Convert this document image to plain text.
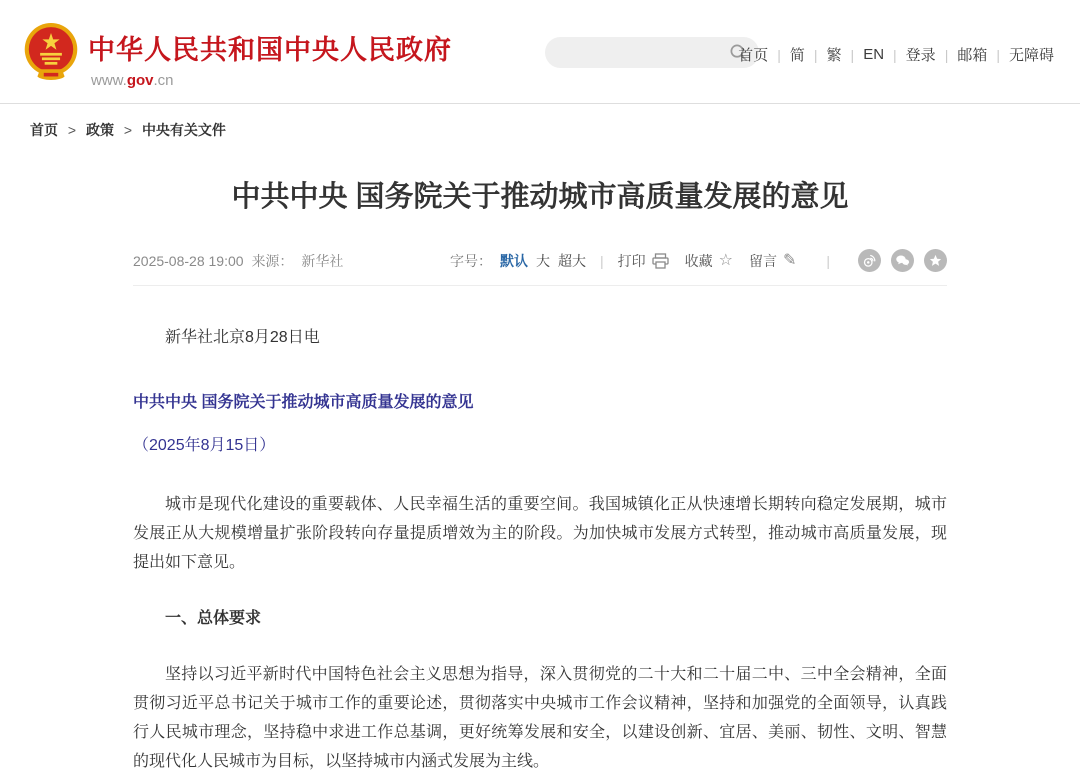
中华人民共和国中央人民政府
www.gov.cn
首页 | 简 | 繁 | EN | 登录 | 邮箱 | 无障碍
首页 > 政策 > 中央有关文件
中共中央 国务院关于推动城市高质量发展的意见
2025-08-28 19:00 来源： 新华社	字号： 默认 大 超大 | 打印	收藏 ☆ 留言 ✎ |

新华社北京8月28日电

中共中央 国务院关于推动城市高质量发展的意见

（2025年8月15日）

城市是现代化建设的重要载体、人民幸福生活的重要空间。我国城镇化正从快速增长期转向稳定发展期，城市发展正从大规模增量扩张阶段转向存量提质增效为主的阶段。为加快城市发展方式转型，推动城市高质量发展，现提出如下意见。

一、总体要求

坚持以习近平新时代中国特色社会主义思想为指导，深入贯彻党的二十大和二十届二中、三中全会精神，全面贯彻习近平总书记关于城市工作的重要论述，贯彻落实中央城市工作会议精神，坚持和加强党的全面领导，认真践行人民城市理念，坚持稳中求进工作总基调，更好统筹发展和安全，以建设创新、宜居、美丽、韧性、文明、智慧的现代化人民城市为目标，以坚持城市内涵式发展为主线。
